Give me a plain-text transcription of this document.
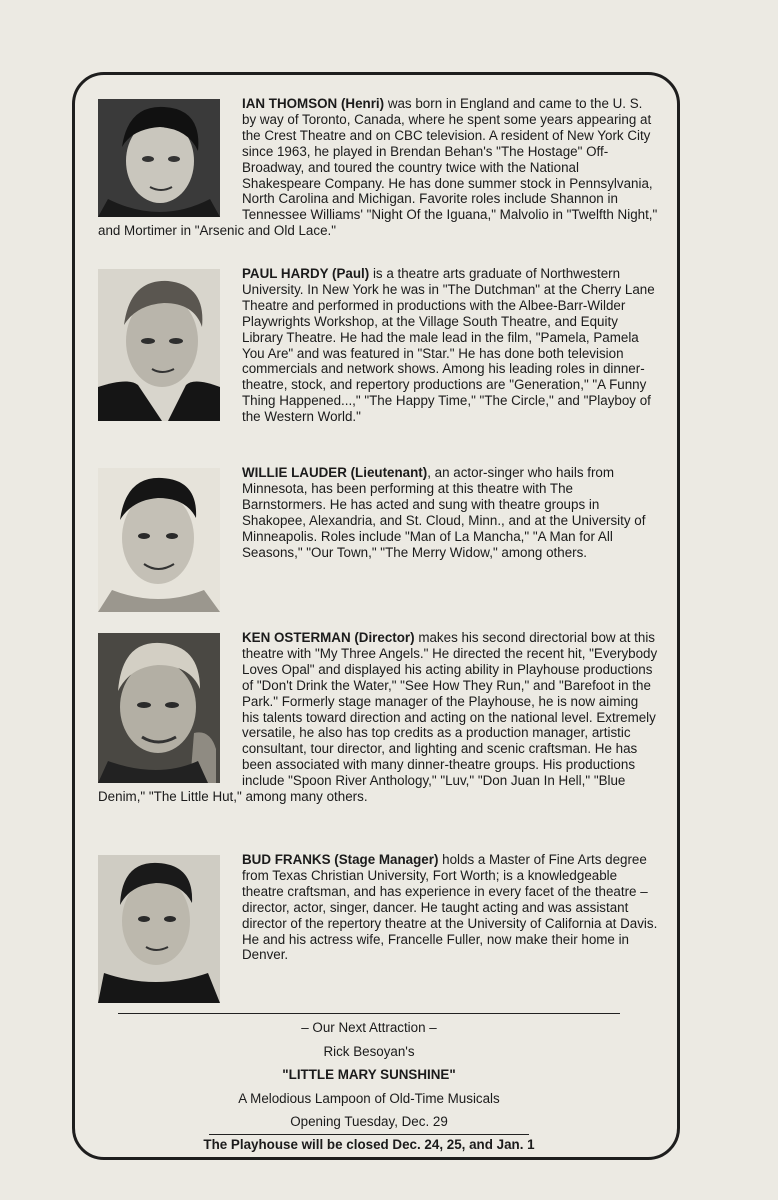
IAN THOMSON (Henri) was born in England and came to the U. S. by way of Toronto, Canada, where he spent some years appearing at the Crest Theatre and on CBC television. A resident of New York City since 1963, he played in Brendan Behan's "The Hostage" Off-Broadway, and toured the country twice with the National Shakespeare Company. He has done summer stock in Pennsylvania, North Carolina and Michigan. Favorite roles include Shannon in Tennessee Williams' "Night Of the Iguana," Malvolio in "Twelfth Night," and Mortimer in "Arsenic and Old Lace."

PAUL HARDY (Paul) is a theatre arts graduate of Northwestern University. In New York he was in "The Dutchman" at the Cherry Lane Theatre and performed in productions with the Albee-Barr-Wilder Playwrights Workshop, at the Village South Theatre, and Equity Library Theatre. He had the male lead in the film, "Pamela, Pamela You Are" and was featured in "Star." He has done both television commercials and network shows. Among his leading roles in dinner-theatre, stock, and repertory productions are "Generation," "A Funny Thing Happened...," "The Happy Time," "The Circle," and "Playboy of the Western World."

WILLIE LAUDER (Lieutenant), an actor-singer who hails from Minnesota, has been performing at this theatre with The Barnstormers. He has acted and sung with theatre groups in Shakopee, Alexandria, and St. Cloud, Minn., and at the University of Minneapolis. Roles include "Man of La Mancha," "A Man for All Seasons," "Our Town," "The Merry Widow," among others.

KEN OSTERMAN (Director) makes his second directorial bow at this theatre with "My Three Angels." He directed the recent hit, "Everybody Loves Opal" and displayed his acting ability in Playhouse productions of "Don't Drink the Water," "See How They Run," and "Barefoot in the Park." Formerly stage manager of the Playhouse, he is now aiming his talents toward direction and acting on the national level. Extremely versatile, he also has top credits as a production manager, artistic consultant, tour director, and lighting and scenic craftsman. He has been associated with many dinner-theatre groups. His productions include "Spoon River Anthology," "Luv," "Don Juan In Hell," "Blue Denim," "The Little Hut," among many others.

BUD FRANKS (Stage Manager) holds a Master of Fine Arts degree from Texas Christian University, Fort Worth; is a knowledgeable theatre craftsman, and has experience in every facet of the theatre – director, actor, singer, dancer. He taught acting and was assistant director of the repertory theatre at the University of California at Davis. He and his actress wife, Francelle Fuller, now make their home in Denver.

– Our Next Attraction –
Rick Besoyan's
"LITTLE MARY SUNSHINE"
A Melodious Lampoon of Old-Time Musicals
Opening Tuesday, Dec. 29
The Playhouse will be closed Dec. 24, 25, and Jan. 1
